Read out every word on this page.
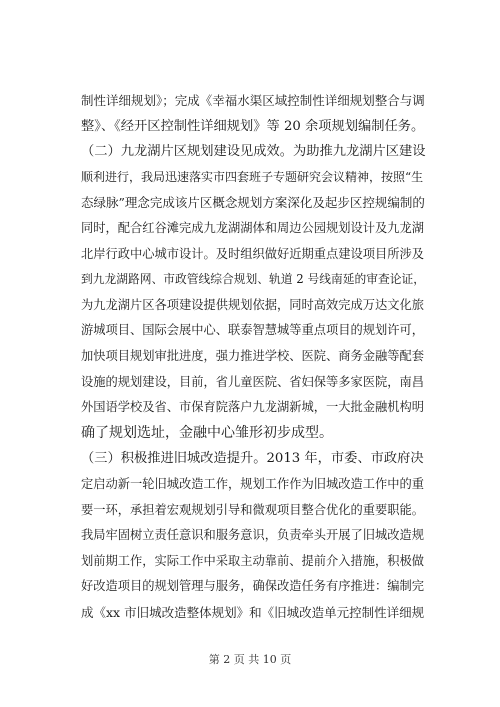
制性详细规划》；完成《幸福水渠区域控制性详细规划整合与调
整》、《经开区控制性详细规划》等 20 余项规划编制任务。
（二）九龙湖片区规划建设见成效。为助推九龙湖片区建设
顺利进行，我局迅速落实市四套班子专题研究会议精神，按照“生
态绿脉”理念完成该片区概念规划方案深化及起步区控规编制的
同时，配合红谷滩完成九龙湖湖体和周边公园规划设计及九龙湖
北岸行政中心城市设计。及时组织做好近期重点建设项目所涉及
到九龙湖路网、市政管线综合规划、轨道 2 号线南延的审查论证，
为九龙湖片区各项建设提供规划依据，同时高效完成万达文化旅
游城项目、国际会展中心、联泰智慧城等重点项目的规划许可，
加快项目规划审批进度，强力推进学校、医院、商务金融等配套
设施的规划建设，目前，省儿童医院、省妇保等多家医院，南昌
外国语学校及省、市保育院落户九龙湖新城，一大批金融机构明
确了规划选址，金融中心雏形初步成型。
（三）积极推进旧城改造提升。2013 年，市委、市政府决
定启动新一轮旧城改造工作，规划工作作为旧城改造工作中的重
要一环，承担着宏观规划引导和微观项目整合优化的重要职能。
我局牢固树立责任意识和服务意识，负责牵头开展了旧城改造规
划前期工作，实际工作中采取主动靠前、提前介入措施，积极做
好改造项目的规划管理与服务，确保改造任务有序推进：编制完
成《xx 市旧城改造整体规划》和《旧城改造单元控制性详细规
第 2 页 共 10 页
